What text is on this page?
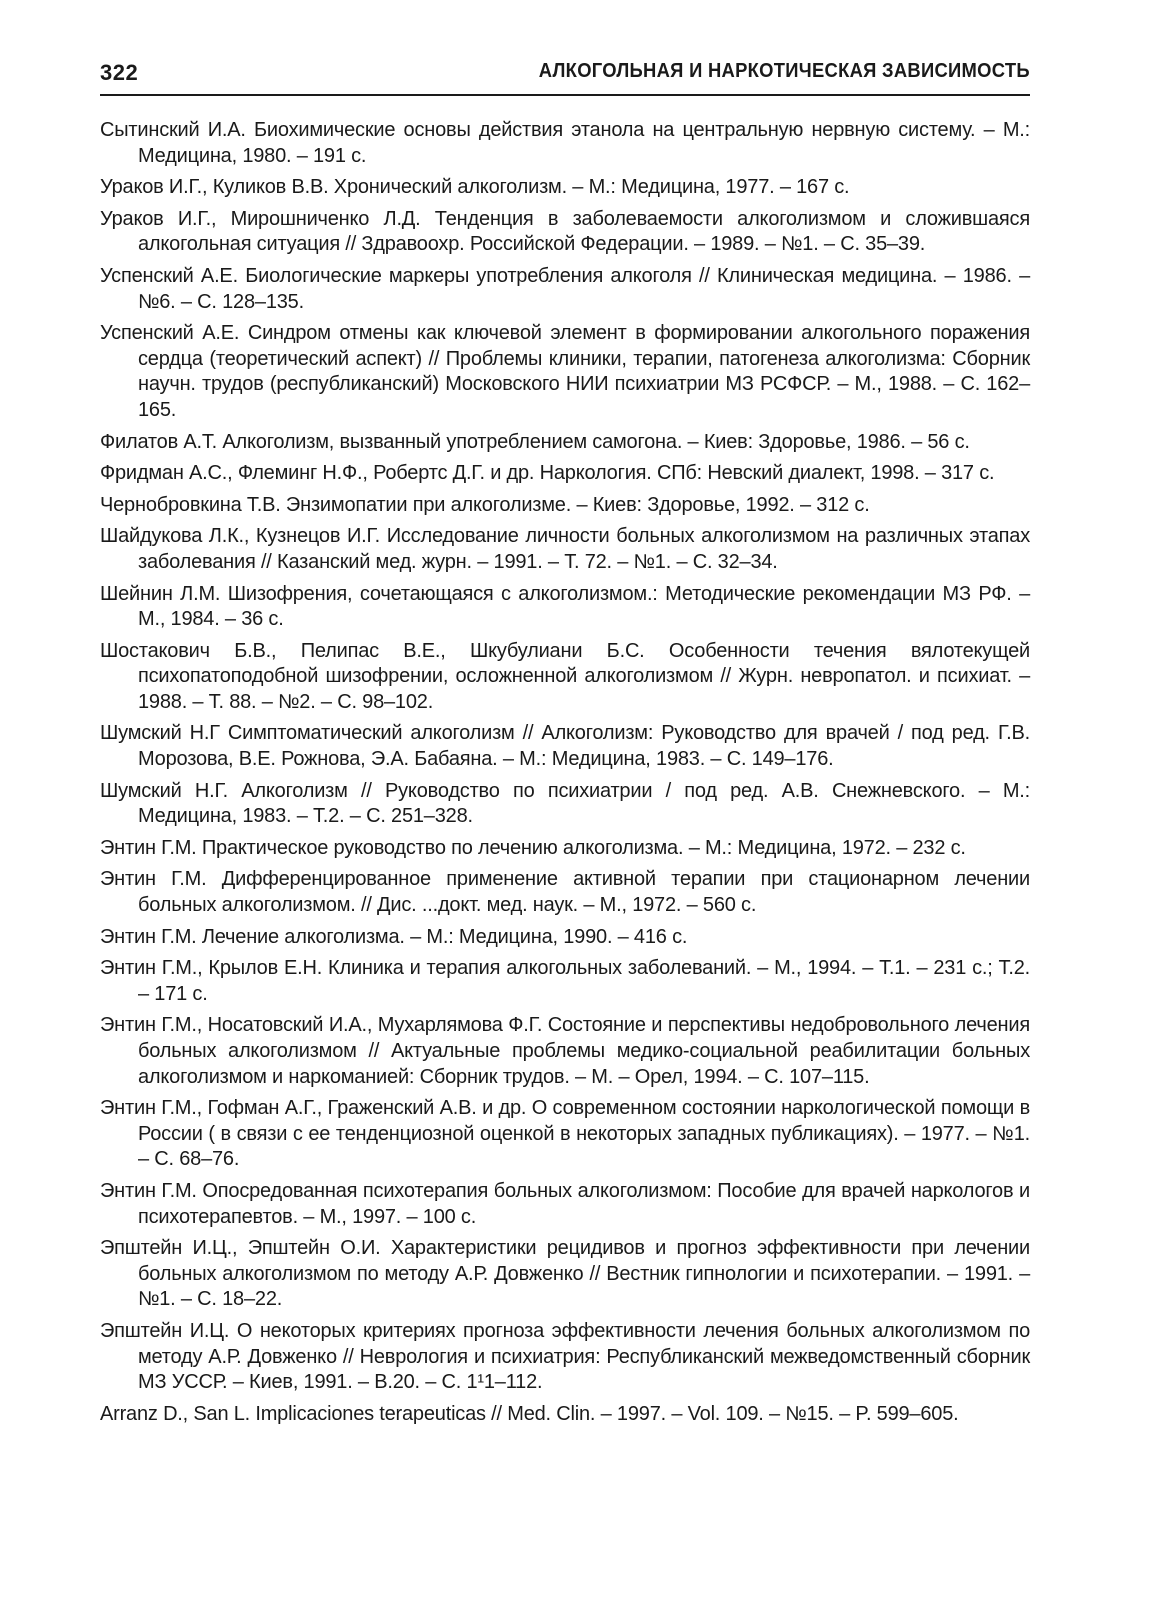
322	АЛКОГОЛЬНАЯ И НАРКОТИЧЕСКАЯ ЗАВИСИМОСТЬ
Сытинский И.А. Биохимические основы действия этанола на центральную нервную систему. – М.: Медицина, 1980. – 191 с.
Ураков И.Г., Куликов В.В. Хронический алкоголизм. – М.: Медицина, 1977. – 167 с.
Ураков И.Г., Мирошниченко Л.Д. Тенденция в заболеваемости алкоголизмом и сложившаяся алкогольная ситуация // Здравоохр. Российской Федерации. – 1989. – №1. – С. 35–39.
Успенский А.Е. Биологические маркеры употребления алкоголя // Клиническая медицина. – 1986. – №6. – С. 128–135.
Успенский А.Е. Синдром отмены как ключевой элемент в формировании алкогольного поражения сердца (теоретический аспект) // Проблемы клиники, терапии, патогенеза алкоголизма: Сборник научн. трудов (республиканский) Московского НИИ психиатрии МЗ РСФСР. – М., 1988. – С. 162–165.
Филатов А.Т. Алкоголизм, вызванный употреблением самогона. – Киев: Здоровье, 1986. – 56 с.
Фридман А.С., Флеминг Н.Ф., Робертс Д.Г. и др. Наркология. СПб: Невский диалект, 1998. – 317 с.
Чернобровкина Т.В. Энзимопатии при алкоголизме. – Киев: Здоровье, 1992. – 312 с.
Шайдукова Л.К., Кузнецов И.Г. Исследование личности больных алкоголизмом на различных этапах заболевания // Казанский мед. журн. – 1991. – Т. 72. – №1. – С. 32–34.
Шейнин Л.М. Шизофрения, сочетающаяся с алкоголизмом.: Методические рекомендации МЗ РФ. – М., 1984. – 36 с.
Шостакович Б.В., Пелипас В.Е., Шкубулиани Б.С. Особенности течения вялотекущей психопатоподобной шизофрении, осложненной алкоголизмом // Журн. невропатол. и психиат. –1988. – Т. 88. – №2. – С. 98–102.
Шумский Н.Г Симптоматический алкоголизм // Алкоголизм: Руководство для врачей / под ред. Г.В. Морозова, В.Е. Рожнова, Э.А. Бабаяна. – М.: Медицина, 1983. – С. 149–176.
Шумский Н.Г. Алкоголизм // Руководство по психиатрии / под ред. А.В. Снежневского. – М.: Медицина, 1983. – Т.2. – С. 251–328.
Энтин Г.М. Практическое руководство по лечению алкоголизма. – М.: Медицина, 1972. – 232 с.
Энтин Г.М. Дифференцированное применение активной терапии при стационарном лечении больных алкоголизмом. // Дис. ...докт. мед. наук. – М., 1972. – 560 с.
Энтин Г.М. Лечение алкоголизма. – М.: Медицина, 1990. – 416 с.
Энтин Г.М., Крылов Е.Н. Клиника и терапия алкогольных заболеваний. – М., 1994. – Т.1. – 231 с.; Т.2. – 171 с.
Энтин Г.М., Носатовский И.А., Мухарлямова Ф.Г. Состояние и перспективы недобровольного лечения больных алкоголизмом // Актуальные проблемы медико-социальной реабилитации больных алкоголизмом и наркоманией: Сборник трудов. – М. – Орел, 1994. – С. 107–115.
Энтин Г.М., Гофман А.Г., Граженский А.В. и др. О современном состоянии наркологической помощи в России ( в связи с ее тенденциозной оценкой в некоторых западных публикациях). – 1977. – №1. – С. 68–76.
Энтин Г.М. Опосредованная психотерапия больных алкоголизмом: Пособие для врачей наркологов и психотерапевтов. – М., 1997. – 100 с.
Эпштейн И.Ц., Эпштейн О.И. Характеристики рецидивов и прогноз эффективности при лечении больных алкоголизмом по методу А.Р. Довженко // Вестник гипнологии и психотерапии. – 1991. – №1. – С. 18–22.
Эпштейн И.Ц. О некоторых критериях прогноза эффективности лечения больных алкоголизмом по методу А.Р. Довженко // Неврология и психиатрия: Республиканский межведомственный сборник МЗ УССР. – Киев, 1991. – В.20. – С. 1¹1–112.
Arranz D., San L. Implicaciones terapeuticas // Med. Clin. – 1997. – Vol. 109. – №15. – P. 599–605.
